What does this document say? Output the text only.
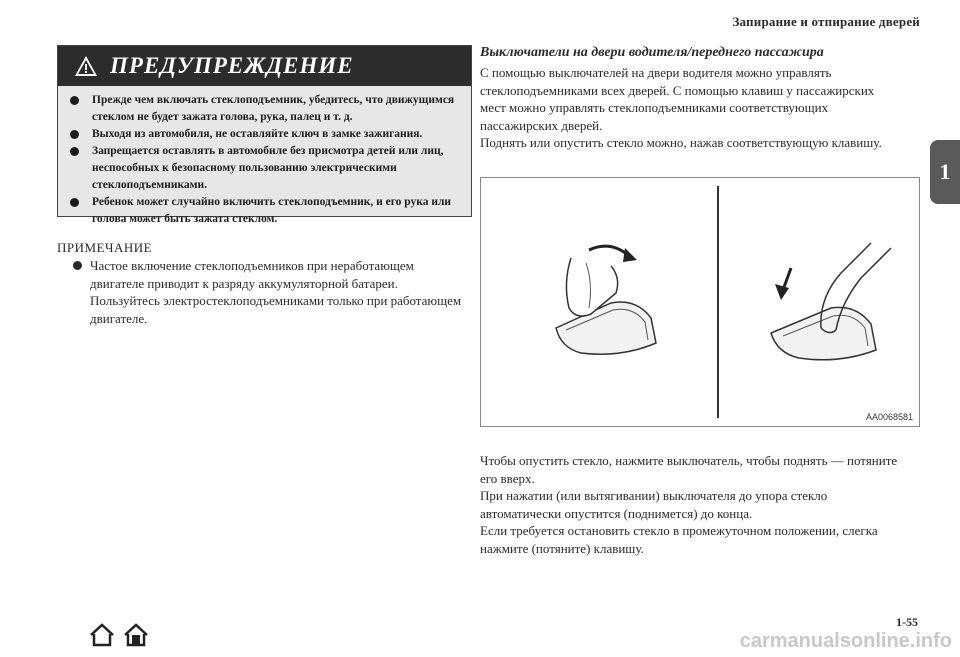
Запирание и отпирание дверей
1
ПРЕДУПРЕЖДЕНИЕ
Прежде чем включать стеклоподъемник, убедитесь, что движущимся стеклом не будет зажата голова, рука, палец и т. д.
Выходя из автомобиля, не оставляйте ключ в замке зажигания.
Запрещается оставлять в автомобиле без присмотра детей или лиц, неспособных к безопасному пользованию электрическими стеклоподъемниками.
Ребенок может случайно включить стеклоподъемник, и его рука или голова может быть зажата стеклом.
ПРИМЕЧАНИЕ
Частое включение стеклоподъемников при неработающем двигателе приводит к разряду аккумуляторной батареи. Пользуйтесь электростеклоподъемниками только при работающем двигателе.
Выключатели на двери водителя/переднего пассажира

С помощью выключателей на двери водителя можно управлять стеклоподъемниками всех дверей. С помощью клавиш у пассажирских мест можно управлять стеклоподъемниками соответствующих пассажирских дверей.

Поднять или опустить стекло можно, нажав соответствующую клавишу.

AA0068581

Чтобы опустить стекло, нажмите выключатель, чтобы поднять — потяните его вверх.

При нажатии (или вытягивании) выключателя до упора стекло автоматически опустится (поднимется) до конца.

Если требуется остановить стекло в промежуточном положении, слегка нажмите (потяните) клавишу.

1-55
carmanualsonline.info
